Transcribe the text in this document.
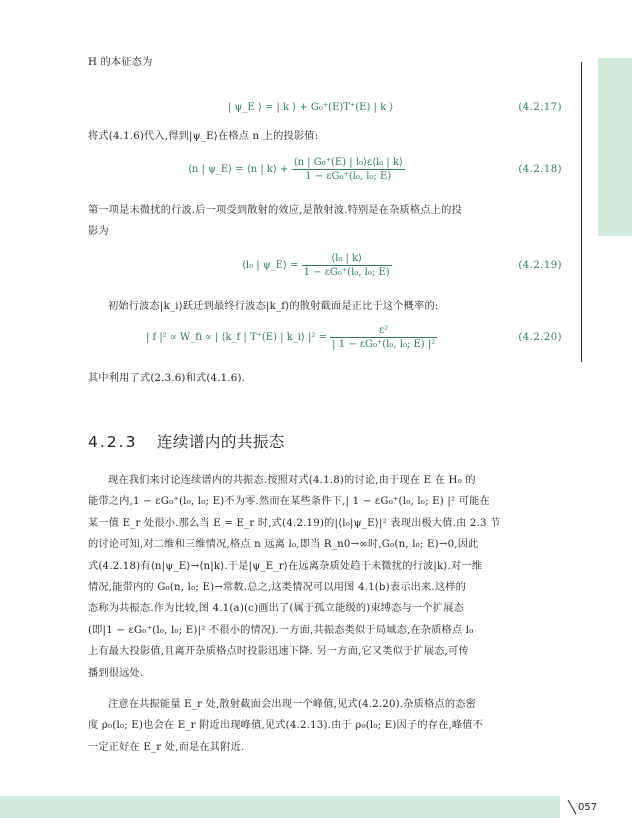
057
H 的本征态为
| ψ_E ⟩ = | k ⟩ + G₀⁺(E)T⁺(E) | k ⟩	(4.2.17)
将式(4.1.6)代入,得到|ψ_E⟩在格点 n 上的投影值:
⟨n | ψ_E⟩ = ⟨n | k⟩ + $\frac{\text{⟨n | G₀⁺(E) | l₀⟩ε⟨l₀ | k⟩}}{\text{1 − εG₀⁺(l₀, l₀; E)}}$	(4.2.18)
第一项是未微扰的行波.后一项受到散射的效应,是散射波.特别是在杂质格点上的投
影为
⟨l₀ | ψ_E⟩ = $\frac{\text{⟨l₀ | k⟩}}{\text{1 − εG₀⁺(l₀, l₀; E)}}$	(4.2.19)
初始行波态|k_i⟩跃迁到最终行波态|k_f⟩的散射截面是正比于这个概率的:
| f |² ∝ W_fi ∝ | ⟨k_f | T⁺(E) | k_i⟩ $|^2 = \frac{\text{ε²}}{\text{| 1 − εG₀⁺(l₀, l₀; E) |²}}$	(4.2.20)
其中利用了式(2.3.6)和式(4.1.6).
4.2.3 连续谱内的共振态
现在我们来讨论连续谱内的共振态.按照对式(4.1.8)的讨论,由于现在 E 在 H₀ 的
能带之内,1 − εG₀⁺(l₀, l₀; E)不为零.然而在某些条件下,| 1 − εG₀⁺(l₀, l₀; E) |² 可能在
某一值 E_r 处很小.那么当 E = E_r 时,式(4.2.19)的|⟨l₀|ψ_E⟩|² 表现出极大值.由 2.3 节
的讨论可知,对二维和三维情况,格点 n 远离 l₀,即当 R_n0→∞时,G₀(n, l₀; E)→0,因此
式(4.2.18)有⟨n|ψ_E⟩→⟨n|k⟩.于是|ψ_E_r⟩在远离杂质处趋于未微扰的行波|k⟩.对一维
情况,能带内的 G₀(n, l₀; E)→常数.总之,这类情况可以用图 4.1(b)表示出来.这样的
态称为共振态.作为比较,图 4.1(a)(c)画出了(属于孤立能级的)束缚态与一个扩展态
(即|1 − εG₀⁺(l₀, l₀; E)|² 不很小的情况).一方面,共振态类似于局域态,在杂质格点 l₀
上有最大投影值,且离开杂质格点时投影迅速下降. 另一方面,它又类似于扩展态,可传
播到很远处.
注意在共振能量 E_r 处,散射截面会出现一个峰值,见式(4.2.20).杂质格点的态密
度 ρ₀(l₀; E)也会在 E_r 附近出现峰值,见式(4.2.13).由于 ρ₀(l₀; E)因子的存在,峰值不
一定正好在 E_r 处,而是在其附近.
